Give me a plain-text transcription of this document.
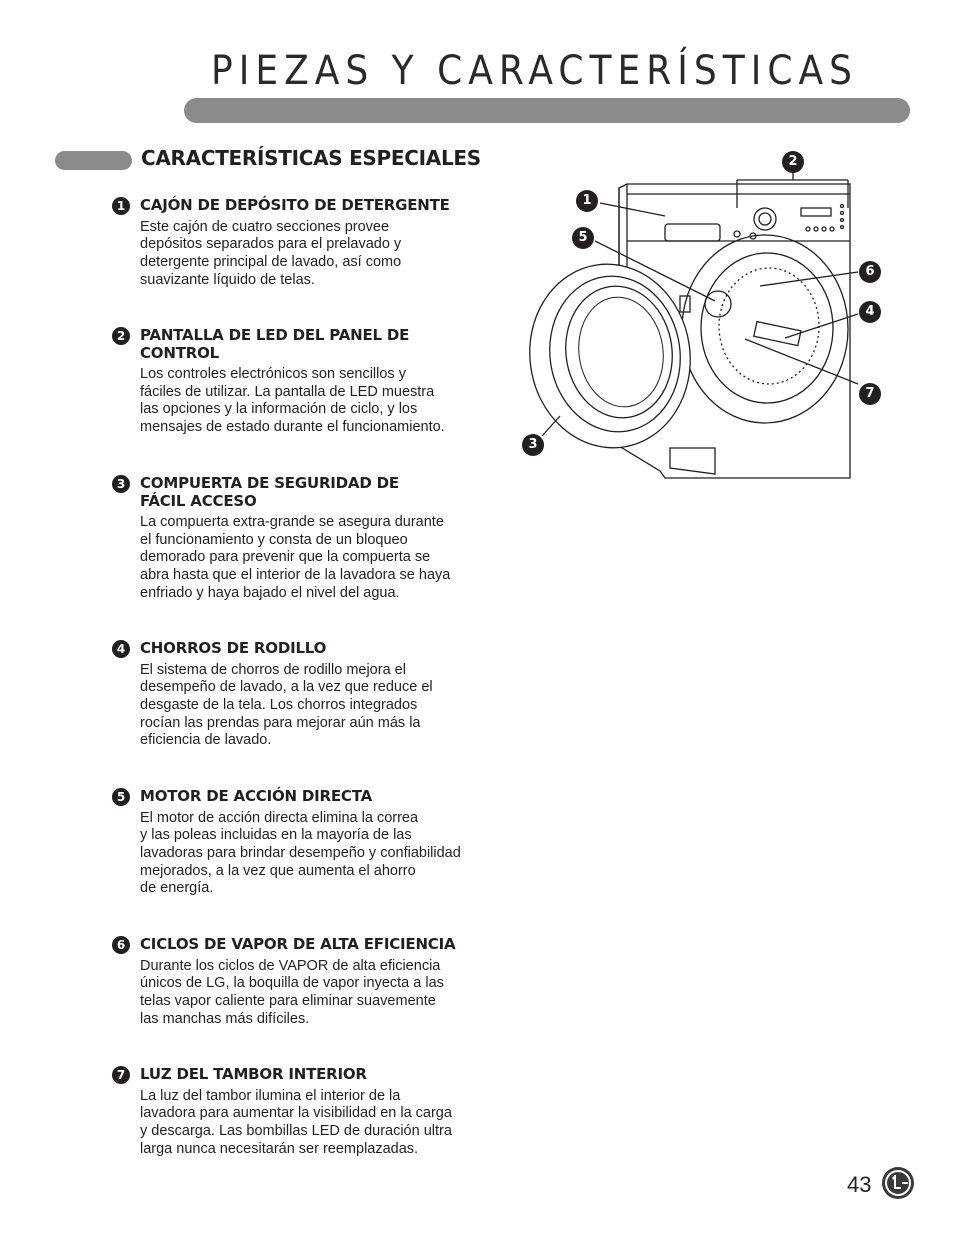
PIEZAS Y CARACTERÍSTICAS
CARACTERÍSTICAS ESPECIALES
1 CAJÓN DE DEPÓSITO DE DETERGENTE
Este cajón de cuatro secciones provee
depósitos separados para el prelavado y
detergente principal de lavado, así como
suavizante líquido de telas.
2 PANTALLA DE LED DEL PANEL DE
CONTROL
Los controles electrónicos son sencillos y
fáciles de utilizar. La pantalla de LED muestra
las opciones y la información de ciclo, y los
mensajes de estado durante el funcionamiento.
3 COMPUERTA DE SEGURIDAD DE
FÁCIL ACCESO
La compuerta extra-grande se asegura durante
el funcionamiento y consta de un bloqueo
demorado para prevenir que la compuerta se
abra hasta que el interior de la lavadora se haya
enfriado y haya bajado el nivel del agua.
4 CHORROS DE RODILLO
El sistema de chorros de rodillo mejora el
desempeño de lavado, a la vez que reduce el
desgaste de la tela. Los chorros integrados
rocían las prendas para mejorar aún más la
eficiencia de lavado.
5 MOTOR DE ACCIÓN DIRECTA
El motor de acción directa elimina la correa
y las poleas incluidas en la mayoría de las
lavadoras para brindar desempeño y confiabilidad
mejorados, a la vez que aumenta el ahorro
de energía.
6 CICLOS DE VAPOR DE ALTA EFICIENCIA
Durante los ciclos de VAPOR de alta eficiencia
únicos de LG, la boquilla de vapor inyecta a las
telas vapor caliente para eliminar suavemente
las manchas más difíciles.
7 LUZ DEL TAMBOR INTERIOR
La luz del tambor ilumina el interior de la
lavadora para aumentar la visibilidad en la carga
y descarga. Las bombillas LED de duración ultra
larga nunca necesitarán ser reemplazadas.
1
2
3
4
5
6
7
43
